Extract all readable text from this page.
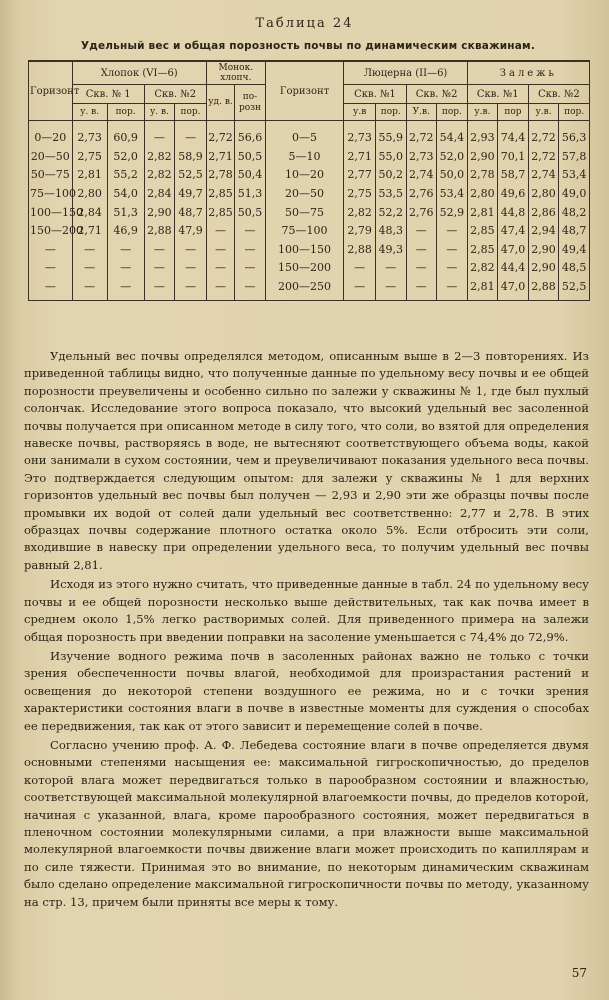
Таблица 24
Удельный вес и общая порозность почвы по динамическим скважинам.
Горизонт	Хлопок (VI—6)				Монок. хлопч.		Горизонт	Люцерна (II—6)				Залежь			
	Скв. № 1		Скв. №2		уд. в.	по-розн		Скв. №1		Скв. №2		Скв. №1		Скв. №2	
	у. в.	пор.	у. в.	пор.				у.в	пор.	У.в.	пор.	у.в.	пор	у.в.	пор.
0—20	2,73	60,9	—	—	2,72	56,6	0—5	2,73	55,9	2,72	54,4	2,93	74,4	2,72	56,3
20—50	2,75	52,0	2,82	58,9	2,71	50,5	5—10	2,71	55,0	2,73	52,0	2,90	70,1	2,72	57,8
50—75	2,81	55,2	2,82	52,5	2,78	50,4	10—20	2,77	50,2	2,74	50,0	2,78	58,7	2,74	53,4
75—100	2,80	54,0	2,84	49,7	2,85	51,3	20—50	2,75	53,5	2,76	53,4	2,80	49,6	2,80	49,0
100—150	2,84	51,3	2,90	48,7	2,85	50,5	50—75	2,82	52,2	2,76	52,9	2,81	44,8	2,86	48,2
150—200	2,71	46,9	2,88	47,9	—	—	75—100	2,79	48,3	—	—	2,85	47,4	2,94	48,7
—	—	—	—	—	—	—	100—150	2,88	49,3	—	—	2,85	47,0	2,90	49,4
—	—	—	—	—	—	—	150—200	—	—	—	—	2,82	44,4	2,90	48,5
—	—	—	—	—	—	—	200—250	—	—	—	—	2,81	47,0	2,88	52,5

Удельный вес почвы определялся методом, описанным выше в 2—3 повторениях. Из приведенной таблицы видно, что полученные данные по удельному весу почвы и ее общей порозности преувеличены и особенно сильно по залежи у скважины № 1, где был пухлый солончак. Исследование этого вопроса показало, что высокий удельный вес засоленной почвы получается при описанном методе в силу того, что соли, во взятой для определения навеске почвы, растворяясь в воде, не вытесняют соответствующего объема воды, какой они занимали в сухом состоянии, чем и преувеличивают показания удельного веса почвы. Это подтверждается следующим опытом: для залежи у скважины № 1 для верхних горизонтов удельный вес почвы был получен — 2,93 и 2,90 эти же образцы почвы после промывки их водой от солей дали удельный вес соответственно: 2,77 и 2,78. В этих образцах почвы содержание плотного остатка около 5%. Если отбросить эти соли, входившие в навеску при определении удельного веса, то получим удельный вес почвы равный 2,81.

Исходя из этого нужно считать, что приведенные данные в табл. 24 по удельному весу почвы и ее общей порозности несколько выше действительных, так как почва имеет в среднем около 1,5% легко растворимых солей. Для приведенного примера на залежи общая порозность при введении поправки на засоление уменьшается с 74,4% до 72,9%.

Изучение водного режима почв в засоленных районах важно не только с точки зрения обеспеченности почвы влагой, необходимой для произрастания растений и освещения до некоторой степени воздушного ее режима, но и с точки зрения характеристики состояния влаги в почве в известные моменты для суждения о способах ее передвижения, так как от этого зависит и перемещение солей в почве.

Согласно учению проф. А. Ф. Лебедева состояние влаги в почве определяется двумя основными степенями насыщения ее: максимальной гигроскопичностью, до пределов которой влага может передвигаться только в парообразном состоянии и влажностью, соответствующей максимальной молекулярной влагоемкости почвы, до пределов которой, начиная с указанной, влага, кроме парообразного состояния, может передвигаться в пленочном состоянии молекулярными силами, а при влажности выше максимальной молекулярной влагоемкости почвы движение влаги может происходить по капиллярам и по силе тяжести. Принимая это во внимание, по некоторым динамическим скважинам было сделано определение максимальной гигроскопичности почвы по методу, указанному на стр. 13, причем были приняты все меры к тому.

57
